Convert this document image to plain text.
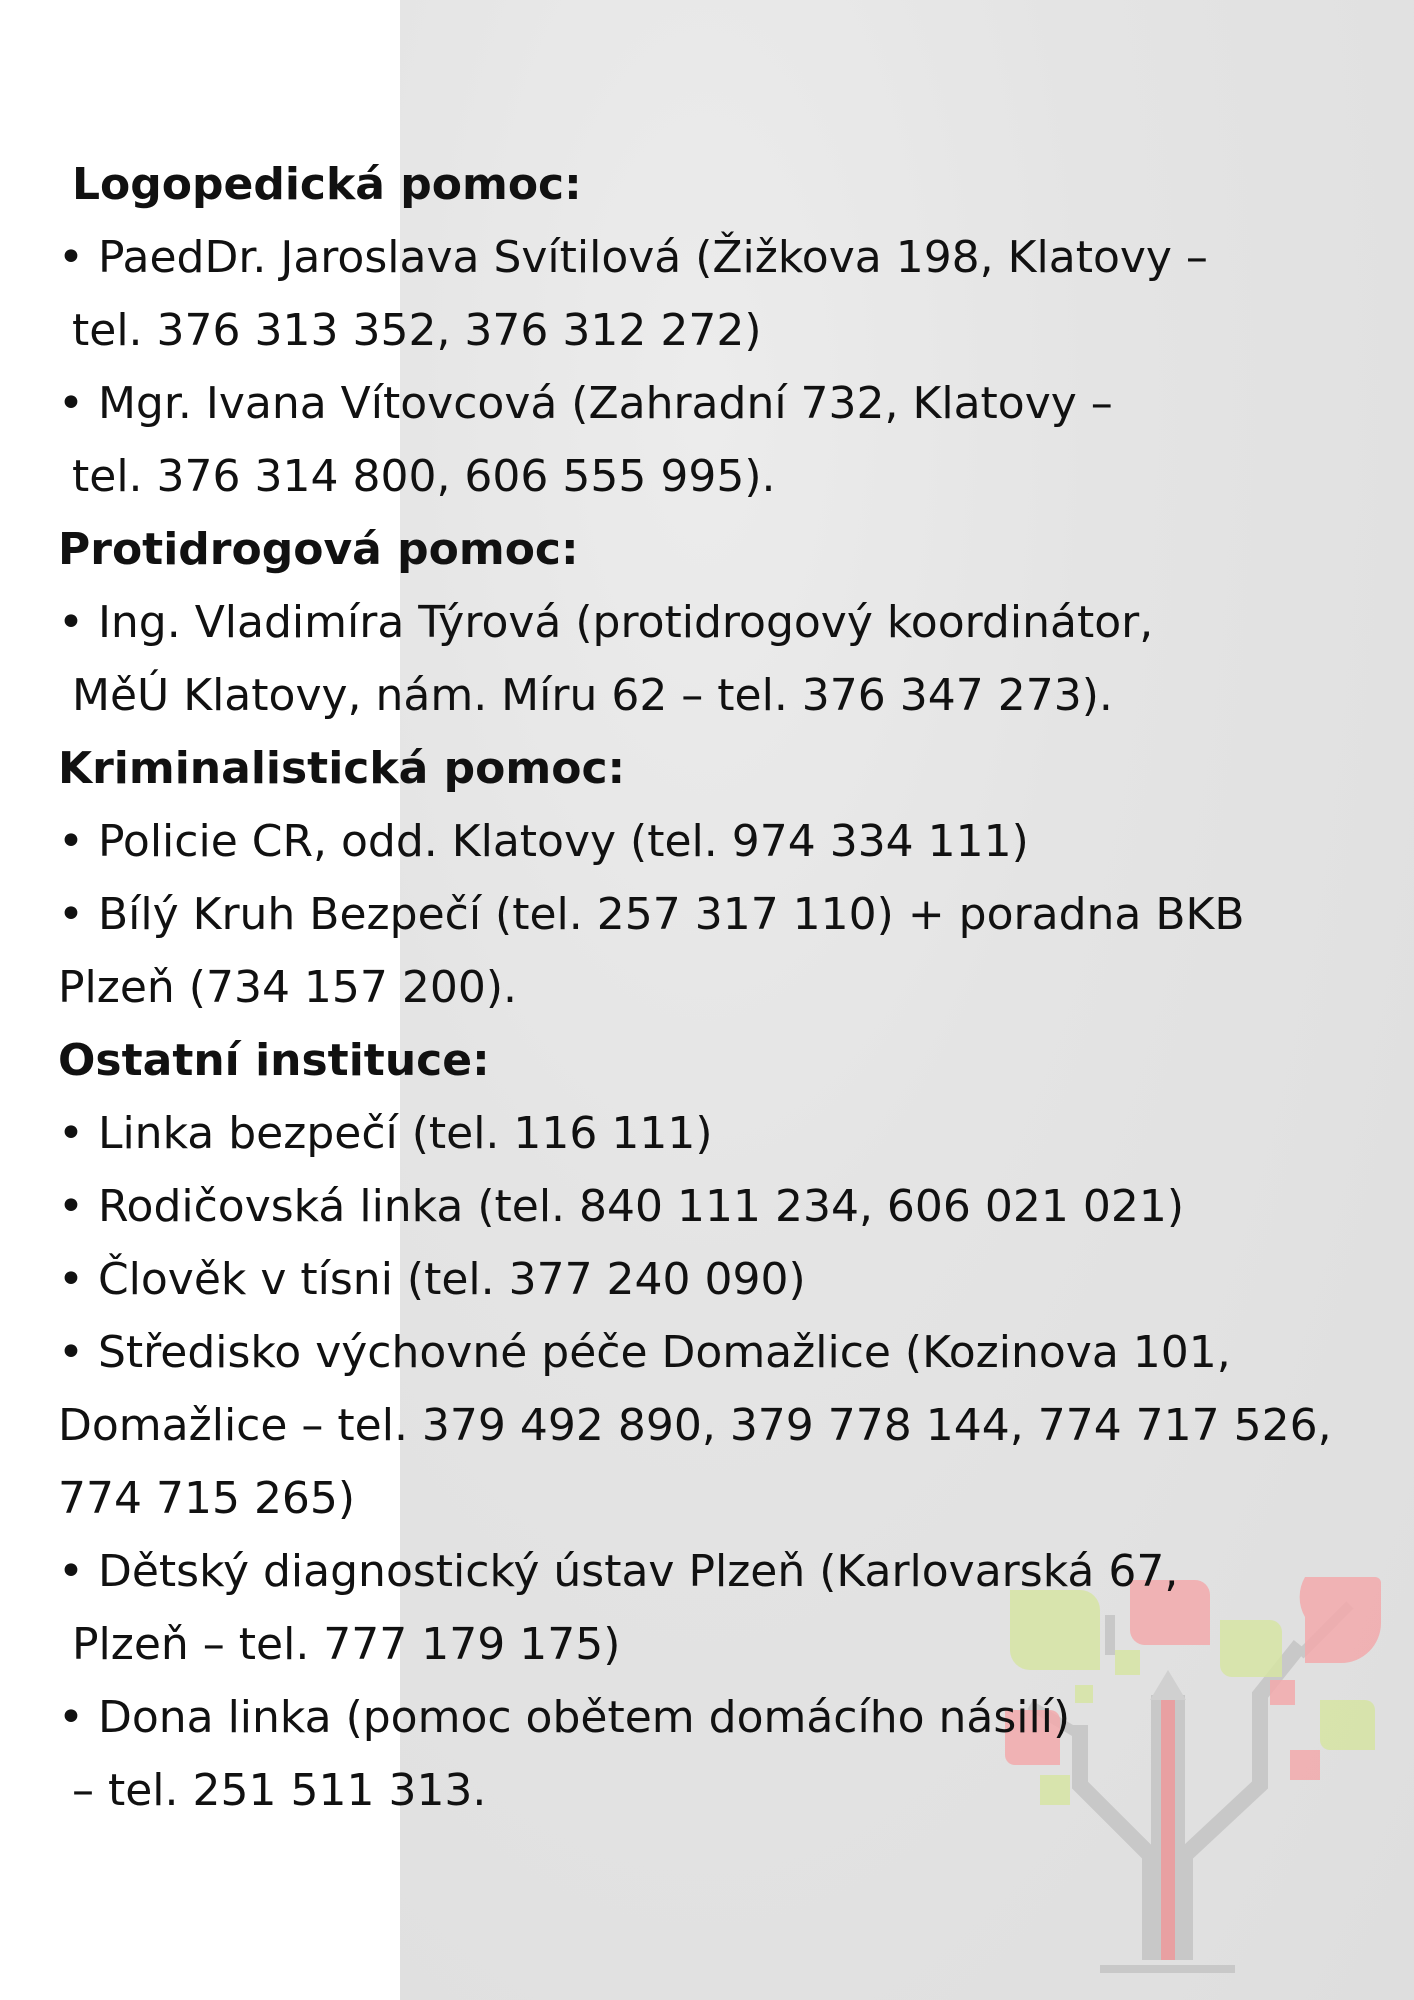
Logopedická pomoc:
• PaedDr. Jaroslava Svítilová (Žižkova 198, Klatovy –
tel. 376 313 352, 376 312 272)
• Mgr. Ivana Vítovcová (Zahradní 732, Klatovy –
tel. 376 314 800, 606 555 995).
Protidrogová pomoc:
• Ing. Vladimíra Týrová (protidrogový koordinátor,
MěÚ Klatovy, nám. Míru 62 – tel. 376 347 273).
Kriminalistická pomoc:
• Policie CR, odd. Klatovy (tel. 974 334 111)
• Bílý Kruh Bezpečí (tel. 257 317 110) + poradna BKB
Plzeň (734 157 200).
Ostatní instituce:
• Linka bezpečí (tel. 116 111)
• Rodičovská linka (tel. 840 111 234, 606 021 021)
• Člověk v tísni (tel. 377 240 090)
• Středisko výchovné péče Domažlice (Kozinova 101,
Domažlice – tel. 379 492 890, 379 778 144, 774 717 526,
774 715 265)
• Dětský diagnostický ústav Plzeň (Karlovarská 67,
Plzeň – tel. 777 179 175)
• Dona linka (pomoc obětem domácího násilí)
– tel. 251 511 313.
